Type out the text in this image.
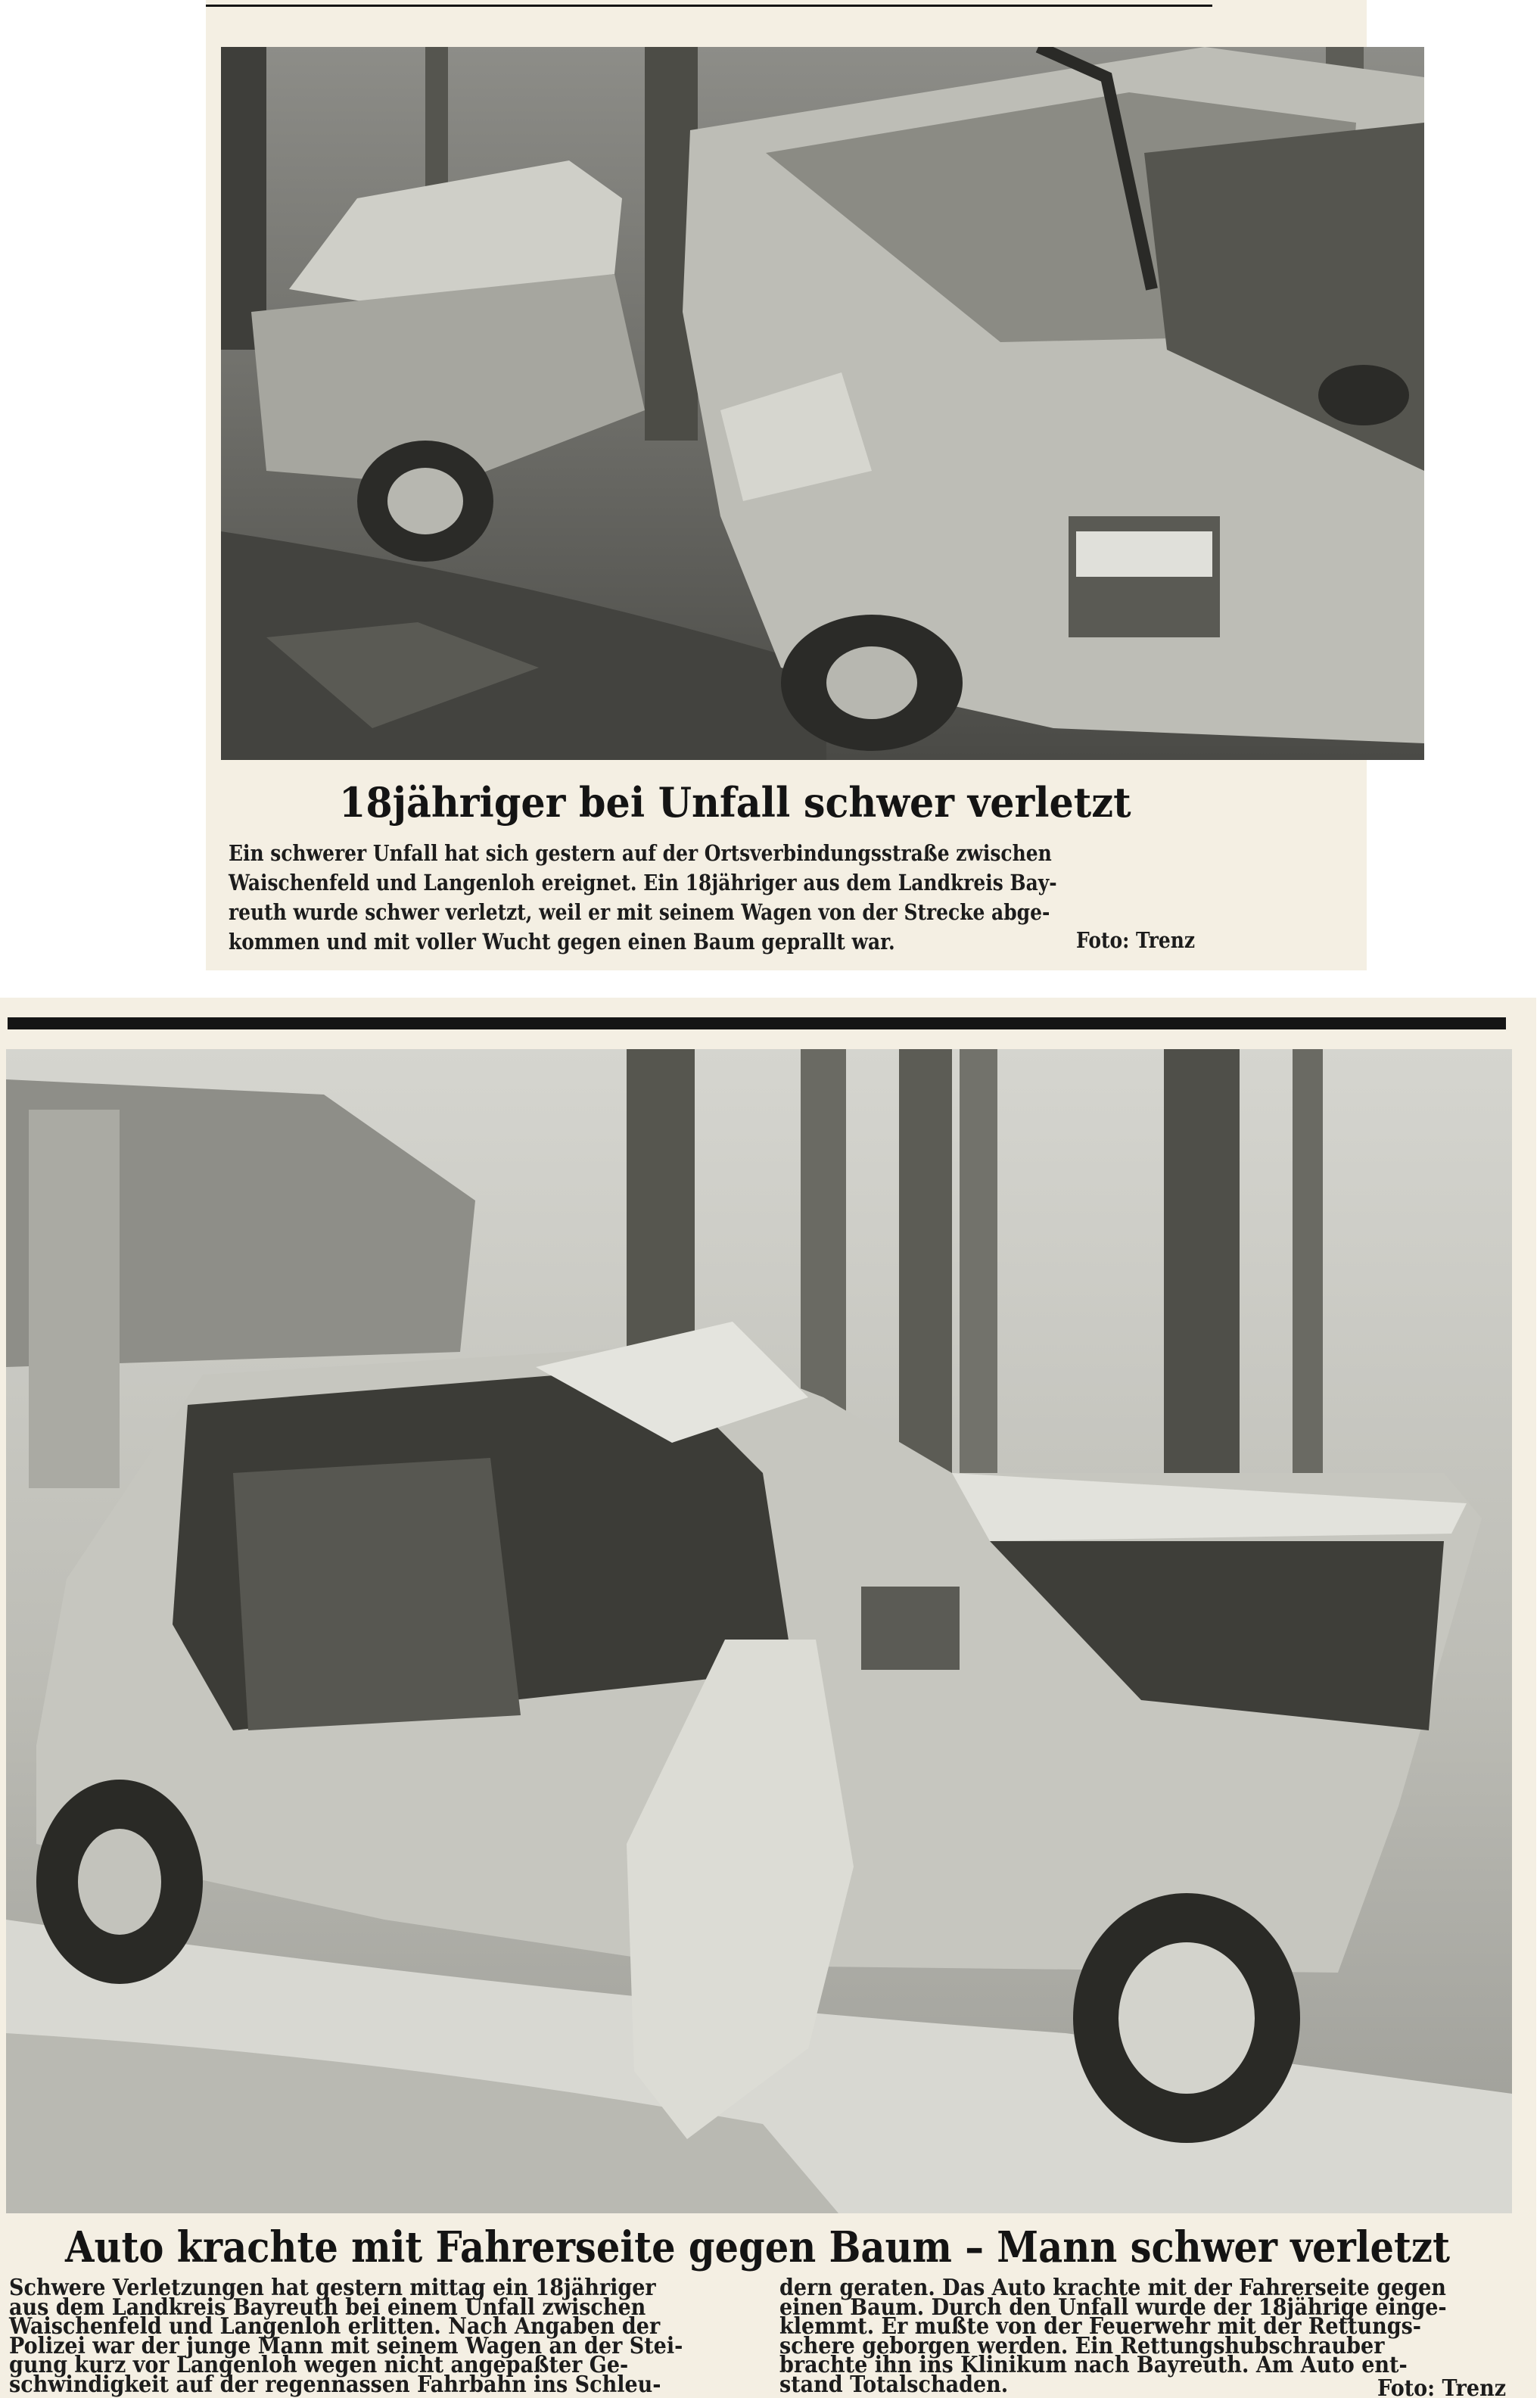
18jähriger bei Unfall schwer verletzt
Ein schwerer Unfall hat sich gestern auf der Ortsverbindungsstraße zwischen
Waischenfeld und Langenloh ereignet. Ein 18jähriger aus dem Landkreis Bay-
reuth wurde schwer verletzt, weil er mit seinem Wagen von der Strecke abge-
kommen und mit voller Wucht gegen einen Baum geprallt war.	Foto: Trenz
Auto krachte mit Fahrerseite gegen Baum – Mann schwer verletzt
Schwere Verletzungen hat gestern mittag ein 18jähriger
aus dem Landkreis Bayreuth bei einem Unfall zwischen
Waischenfeld und Langenloh erlitten. Nach Angaben der
Polizei war der junge Mann mit seinem Wagen an der Stei-
gung kurz vor Langenloh wegen nicht angepaßter Ge-
schwindigkeit auf der regennassen Fahrbahn ins Schleu-
dern geraten. Das Auto krachte mit der Fahrerseite gegen
einen Baum. Durch den Unfall wurde der 18jährige einge-
klemmt. Er mußte von der Feuerwehr mit der Rettungs-
schere geborgen werden. Ein Rettungshubschrauber
brachte ihn ins Klinikum nach Bayreuth. Am Auto ent-
stand Totalschaden.	Foto: Trenz
